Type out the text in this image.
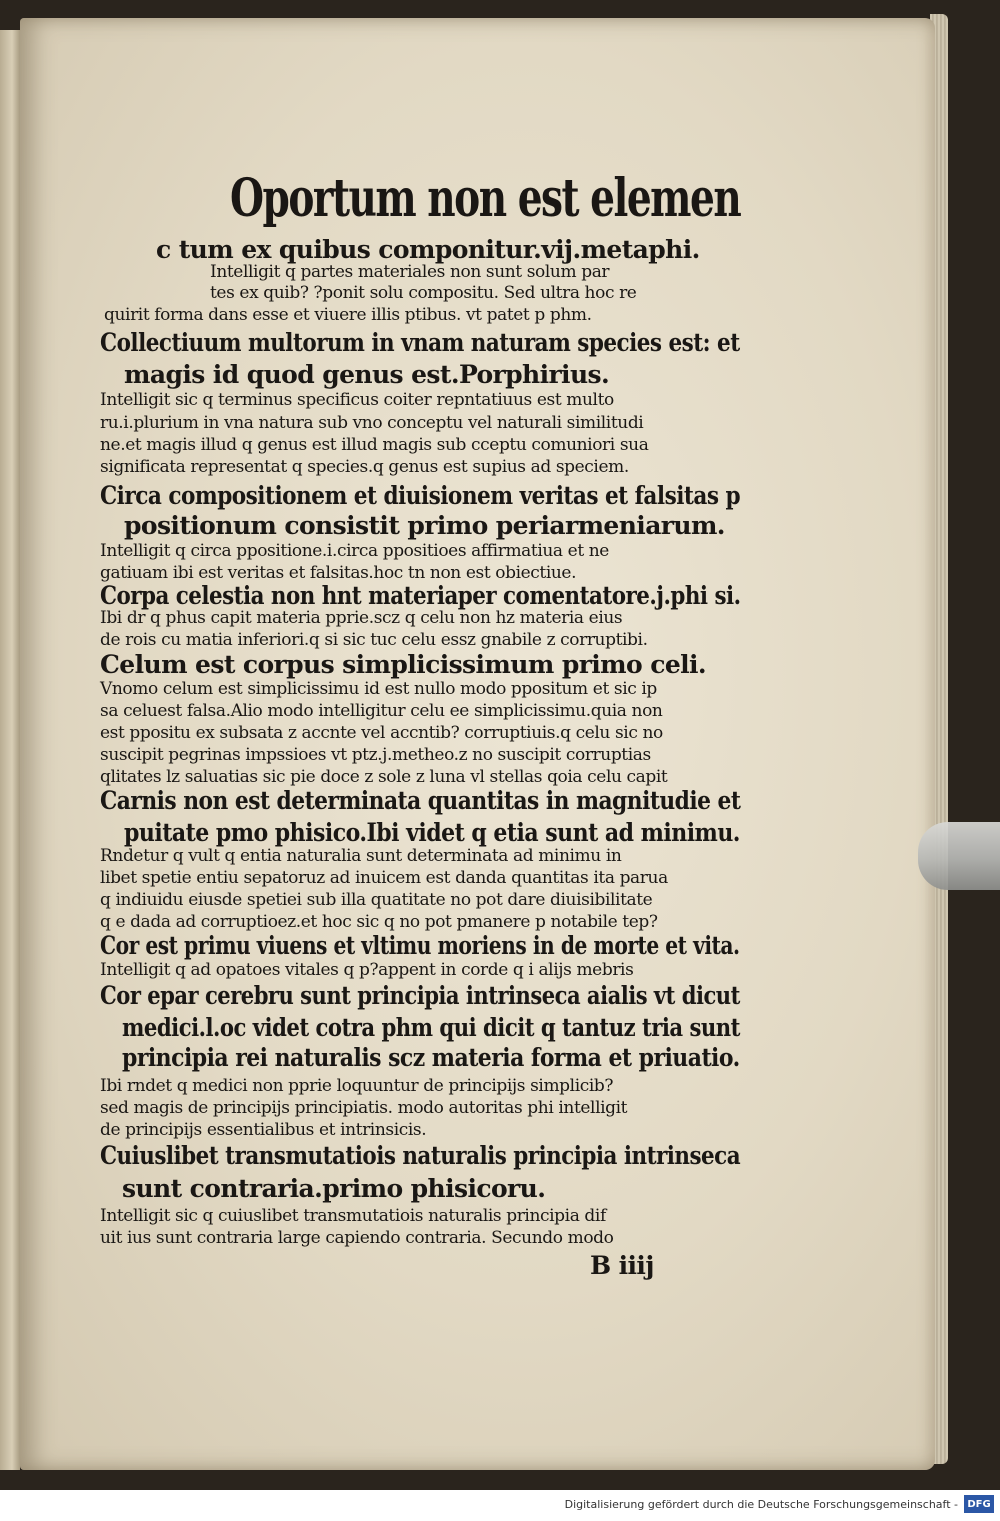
Oportum non est elemen
c tum ex quibus componitur.vij.metaphi.
Intelligit q partes materiales non sunt solum par
tes ex quib? ?ponit solu compositu. Sed ultra hoc re
quirit forma dans esse et viuere illis ptibus. vt patet p phm.
Collectiuum multorum in vnam naturam species est: et
magis id quod genus est.Porphirius.
Intelligit sic q terminus specificus coiter repntatiuus est multo
ru.i.plurium in vna natura sub vno conceptu vel naturali similitudi
ne.et magis illud q genus est illud magis sub cceptu comuniori sua
significata representat q species.q genus est supius ad speciem.
Circa compositionem et diuisionem veritas et falsitas p
positionum consistit primo periarmeniarum.
Intelligit q circa ppositione.i.circa ppositioes affirmatiua et ne
gatiuam ibi est veritas et falsitas.hoc tn non est obiectiue.
Corpa celestia non hnt materiaper comentatore.j.phi si.
Ibi dr q phus capit materia pprie.scz q celu non hz materia eius
de rois cu matia inferiori.q si sic tuc celu essz gnabile z corruptibi.
Celum est corpus simplicissimum primo celi.
Vnomo celum est simplicissimu id est nullo modo ppositum et sic ip
sa celuest falsa.Alio modo intelligitur celu ee simplicissimu.quia non
est ppositu ex subsata z accnte vel accntib? corruptiuis.q celu sic no
suscipit pegrinas impssioes vt ptz.j.metheo.z no suscipit corruptias
qlitates lz saluatias sic pie doce z sole z luna vl stellas qoia celu capit
Carnis non est determinata quantitas in magnitudie et
puitate pmo phisico.Ibi videt q etia sunt ad minimu.
Rndetur q vult q entia naturalia sunt determinata ad minimu in
libet spetie entiu sepatoruz ad inuicem est danda quantitas ita parua
q indiuidu eiusde spetiei sub illa quatitate no pot dare diuisibilitate
q e dada ad corruptioez.et hoc sic q no pot pmanere p notabile tep?
Cor est primu viuens et vltimu moriens in de morte et vita.
Intelligit q ad opatoes vitales q p?appent in corde q i alijs mebris
Cor epar cerebru sunt principia intrinseca aialis vt dicut
medici.l.oc videt cotra phm qui dicit q tantuz tria sunt
principia rei naturalis scz materia forma et priuatio.
Ibi rndet q medici non pprie loquuntur de principijs simplicib?
sed magis de principijs principiatis. modo autoritas phi intelligit
de principijs essentialibus et intrinsicis.
Cuiuslibet transmutatiois naturalis principia intrinseca
sunt contraria.primo phisicoru.
Intelligit sic q cuiuslibet transmutatiois naturalis principia dif
uit ius sunt contraria large capiendo contraria. Secundo modo
B iiij
Digitalisierung gefördert durch die Deutsche Forschungsgemeinschaft - DFG
